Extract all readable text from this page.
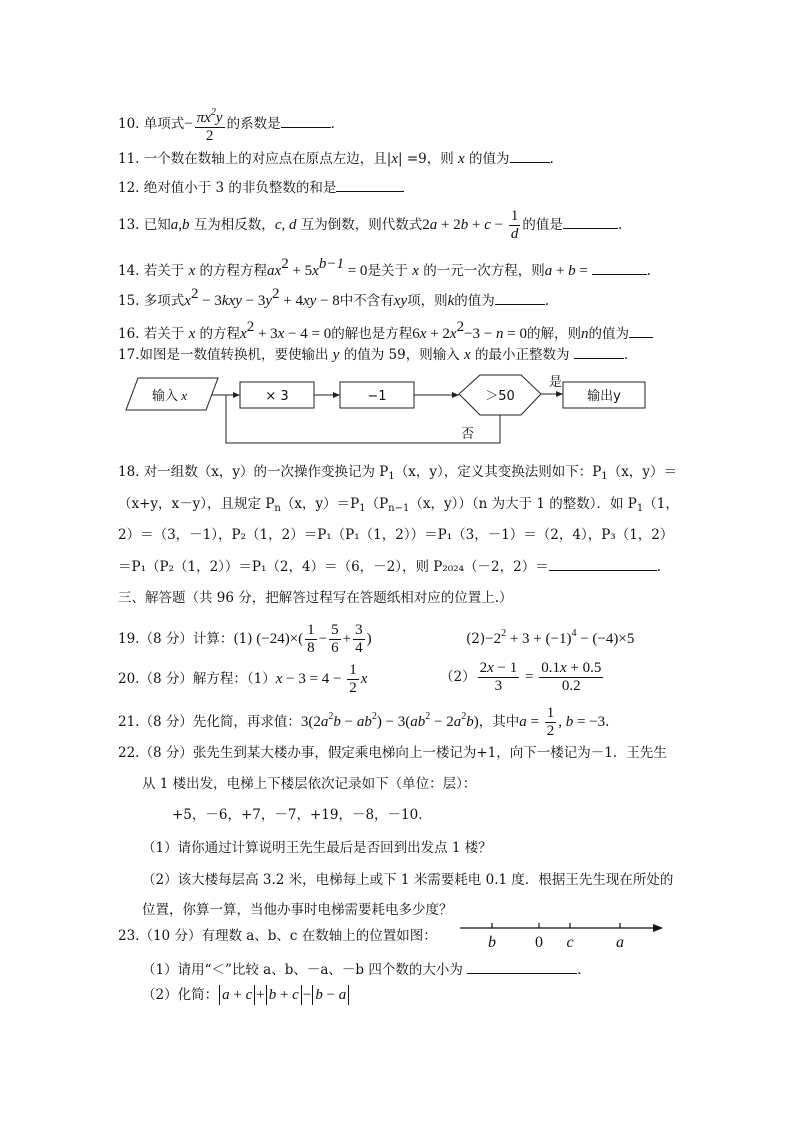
10. 单项式− $\frac{\pi x^2y}{2}$ 的系数是	.
11. 一个数在数轴上的对应点在原点左边，且|x| =9，则 x 的值为	.
12. 绝对值小于 3 的非负整数的和是
13. 已知a,b 互为相反数，c, d 互为倒数，则代数式$2a + 2b + c - \frac{1}{d}$ 的值是	.
14. 若关于 x 的方程方程$ax^2 + 5x^{b-1} = 0$是关于 x 的一元一次方程，则a + b =	.
15. 多项式$x^2 - 3kxy - 3y^2 + 4xy - 8$中不含有xy项，则k的值为	.
16. 若关于 x 的方程$x^2 + 3x - 4 = 0$的解也是方程$6x + 2x^2-3 - n = 0$的解，则n的值为
17.如图是一数值转换机，要使输出 y 的值为 59，则输入 x 的最小正整数为	.
输入 x	× 3	−1	＞50	输出y
是
否
18. 对一组数（x，y）的一次操作变换记为 $P_1(x$，y），定义其变换法则如下：$P_1(x$，y）＝
（x+y，x－y），且规定 $P_n(x$，$y)=P_1(P_{n-1}(x$，y））（n 为大于 1 的整数）．如 $P_1(1$，
2）＝（3，－1），P₂（1，2）＝P₁（P₁（1，2））＝P₁（3，－1）＝（2，4），P₃（1，2）
＝P₁（P₂（1，2））＝P₁（2，4）＝（6，－2），则 P₂₀₂₄（－2，2）＝	.
三、解答题（共 96 分，把解答过程写在答题纸相对应的位置上.）
19.（8 分）计算：(1) $(-24)\times( \frac{1}{8} - \frac{5}{6} + \frac{3}{4}$ )	$(2)-2^2 + 3 + (-1)^4 - (-4)\times 5$
20.（8 分）解方程：$(1)x - 3 = 4 - \frac{1}{2}$ x	$(2) \frac{2x - 1}{3} = \frac{0.1x + 0.5}{0.2}$
21.（8 分）先化简，再求值：$3(2a^2b - ab^2) - 3(ab^2 - 2a^2b)$，其中$a = \frac{1}{2}$ , b = −3.
22.（8 分）张先生到某大楼办事，假定乘电梯向上一楼记为+1，向下一楼记为－1．王先生
从 1 楼出发，电梯上下楼层依次记录如下（单位：层）：
+5，－6，+7，－7，+19，－8，－10．
（1）请你通过计算说明王先生最后是否回到出发点 1 楼？
（2）该大楼每层高 3.2 米，电梯每上或下 1 米需要耗电 0.1 度．根据王先生现在所处的
位置，你算一算，当他办事时电梯需要耗电多少度？
23.（10 分）有理数 a、b、c 在数轴上的位置如图：	b 0 c	a
（1）请用“＜”比较 a、b、－a、－b 四个数的大小为	.
（2）化简： a + c + b + c − b − a
